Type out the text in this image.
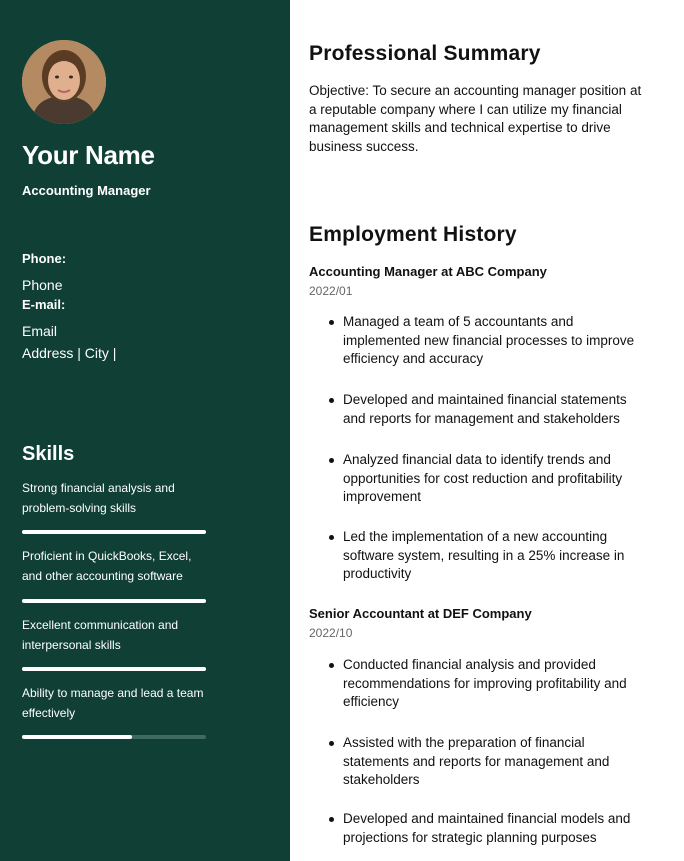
Your Name
Accounting Manager
Phone:
Phone
E-mail:
Email
Address | City |
Skills
Strong financial analysis and
problem-solving skills
Proficient in QuickBooks, Excel,
and other accounting software
Excellent communication and
interpersonal skills
Ability to manage and lead a team
effectively
Professional Summary
Objective: To secure an accounting manager position at a reputable company where I can utilize my financial management skills and technical expertise to drive business success.
Employment History
Accounting Manager at ABC Company
2022/01
Managed a team of 5 accountants and implemented new financial processes to improve efficiency and accuracy
Developed and maintained financial statements and reports for management and stakeholders
Analyzed financial data to identify trends and opportunities for cost reduction and profitability improvement
Led the implementation of a new accounting software system, resulting in a 25% increase in productivity
Senior Accountant at DEF Company
2022/10
Conducted financial analysis and provided recommendations for improving profitability and efficiency
Assisted with the preparation of financial statements and reports for management and stakeholders
Developed and maintained financial models and projections for strategic planning purposes
